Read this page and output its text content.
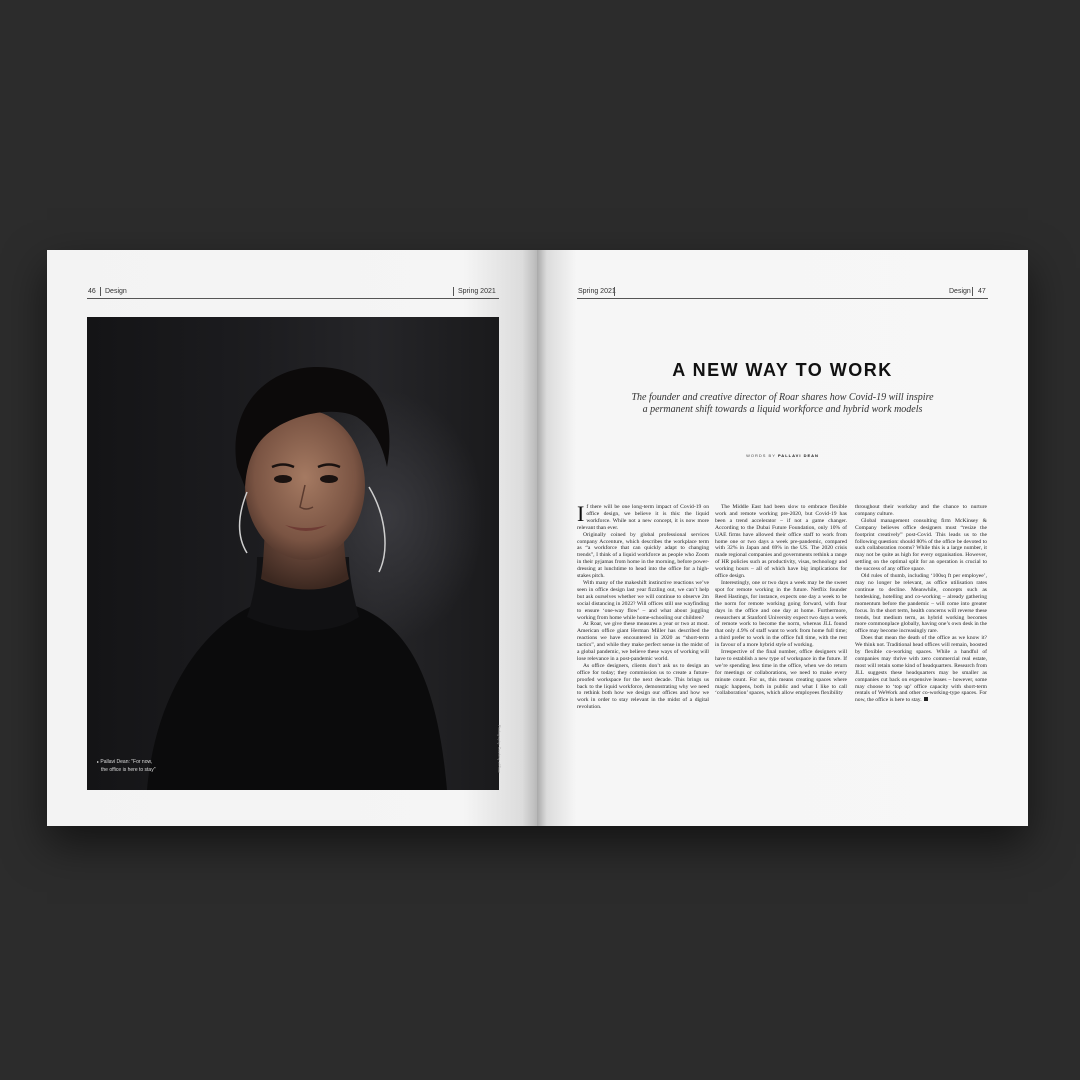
46 Design	Spring 2021
▸ Pallavi Dean: "For now,
the office is here to stay"	Photography: Courtesy of Roar
Spring 2021	Design	47
A NEW WAY TO WORK
The founder and creative director of Roar shares how Covid-19 will inspire
a permanent shift towards a liquid workforce and hybrid work models
WORDS BY PALLAVI DEAN
I f there will be one long-term impact of Covid-19 on office design, we believe it is this: the liquid workforce. While not a new concept, it is now more relevant than ever.

Originally coined by global professional services company Accenture, which describes the workplace term as “a workforce that can quickly adapt to changing trends”, I think of a liquid workforce as people who Zoom in their pyjamas from home in the morning, before power-dressing at lunchtime to head into the office for a high-stakes pitch.

With many of the makeshift instinctive reactions we’ve seen in office design last year fizzling out, we can’t help but ask ourselves whether we will continue to observe 2m social distancing in 2022? Will offices still use wayfinding to ensure ‘one-way flow’ – and what about juggling working from home while home-schooling our children?

At Roar, we give these measures a year or two at most. American office giant Herman Miller has described the reactions we have encountered in 2020 as “short-term tactics”, and while they make perfect sense in the midst of a global pandemic, we believe these ways of working will lose relevance in a post-pandemic world.

As office designers, clients don’t ask us to design an office for today; they commission us to create a future-proofed workspace for the next decade. This brings us back to the liquid workforce, demonstrating why we need to rethink both how we design our offices and how we work in order to stay relevant in the midst of a digital revolution.

The Middle East had been slow to embrace flexible work and remote working pre-2020, but Covid-19 has been a trend accelerator – if not a game changer. According to the Dubai Future Foundation, only 10% of UAE firms have allowed their office staff to work from home one or two days a week pre-pandemic, compared with 32% in Japan and 69% in the US. The 2020 crisis made regional companies and governments rethink a range of HR policies such as productivity, visas, technology and working hours – all of which have big implications for office design.

Interestingly, one or two days a week may be the sweet spot for remote working in the future. Netflix founder Reed Hastings, for instance, expects one day a week to be the norm for remote working going forward, with four days in the office and one day at home. Furthermore, researchers at Stanford University expect two days a week of remote work to become the norm, whereas JLL found that only 4.9% of staff want to work from home full time; a third prefer to work in the office full time, with the rest in favour of a more hybrid style of working.

Irrespective of the final number, office designers will have to establish a new type of workspace in the future. If we’re spending less time in the office, when we do return for meetings or collaborations, we need to make every minute count. For us, this means creating spaces where magic happens, both in public and what I like to call ‘collaboration’ spaces, which allow employees flexibility

throughout their workday and the chance to nurture company culture.

Global management consulting firm McKinsey & Company believes office designers must “resize the footprint creatively” post-Covid. This leads us to the following question: should 80% of the office be devoted to such collaboration rooms? While this is a large number, it may not be quite as high for every organisation. However, settling on the optimal split for an operation is crucial to the success of any office space.

Old rules of thumb, including ‘100sq ft per employee’, may no longer be relevant, as office utilisation rates continue to decline. Meanwhile, concepts such as hotdesking, hotelling and co-working – already gathering momentum before the pandemic – will come into greater focus. In the short term, health concerns will reverse these trends, but medium term, as hybrid working becomes more commonplace globally, having one’s own desk in the office may become increasingly rare.

Does that mean the death of the office as we know it? We think not. Traditional head offices will remain, boosted by flexible co-working spaces. While a handful of companies may thrive with zero commercial real estate, most will retain some kind of headquarters. Research from JLL suggests these headquarters may be smaller as companies cut back on expensive leases – however, some may choose to ‘top up’ office capacity with short-term rentals of WeWork and other co-working-type spaces. For now, the office is here to stay.
